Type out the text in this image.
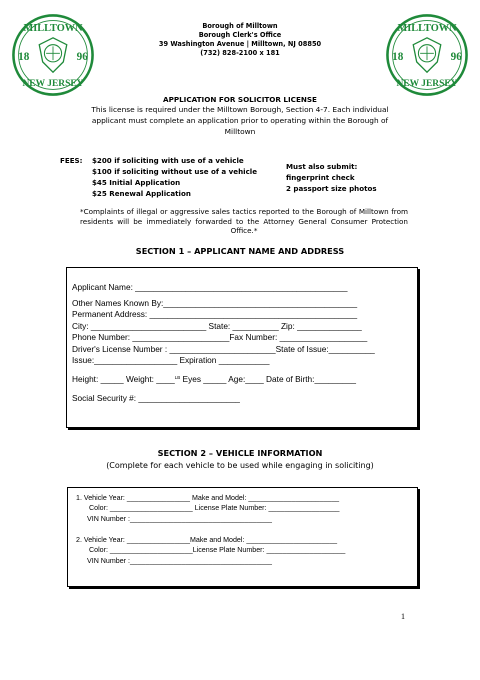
MILLTOWN
18	96
NEW JERSEY
MILLTOWN
18	96
NEW JERSEY
Borough of Milltown
Borough Clerk's Office
39 Washington Avenue | Milltown, NJ 08850
(732) 828-2100 x 181
APPLICATION FOR SOLICITOR LICENSE
This license is required under the Milltown Borough, Section 4-7. Each individual applicant must complete an application prior to operating within the Borough of Milltown
FEES: $200 if soliciting with use of a vehicle
$100 if soliciting without use of a vehicle
$45 Initial Application
$25 Renewal Application
Must also submit:
fingerprint check
2 passport size photos
*Complaints of illegal or aggressive sales tactics reported to the Borough of Milltown from residents will be immediately forwarded to the Attorney General Consumer Protection Office.*
SECTION 1 – APPLICANT NAME AND ADDRESS
Applicant Name: ______________________________________________
Other Names Known By:__________________________________________
Permanent Address: _____________________________________________
City: _________________________ State: __________ Zip: ______________
Phone Number: _____________________Fax Number: ___________________
Driver's License Number : _______________________State of Issue:__________
Issue:__________________ Expiration ___________
Height: _____ Weight: ____$^{LB}$ Eyes _____ Age:____ Date of Birth:_________
Social Security #: ______________________
SECTION 2 – VEHICLE INFORMATION
(Complete for each vehicle to be used while engaging in soliciting)
1. Vehicle Year: ________________ Make and Model: _______________________
Color: _____________________ License Plate Number: __________________
VIN Number :____________________________________
2. Vehicle Year: ________________Make and Model: _______________________
Color: _____________________License Plate Number: ____________________
VIN Number :____________________________________
1
